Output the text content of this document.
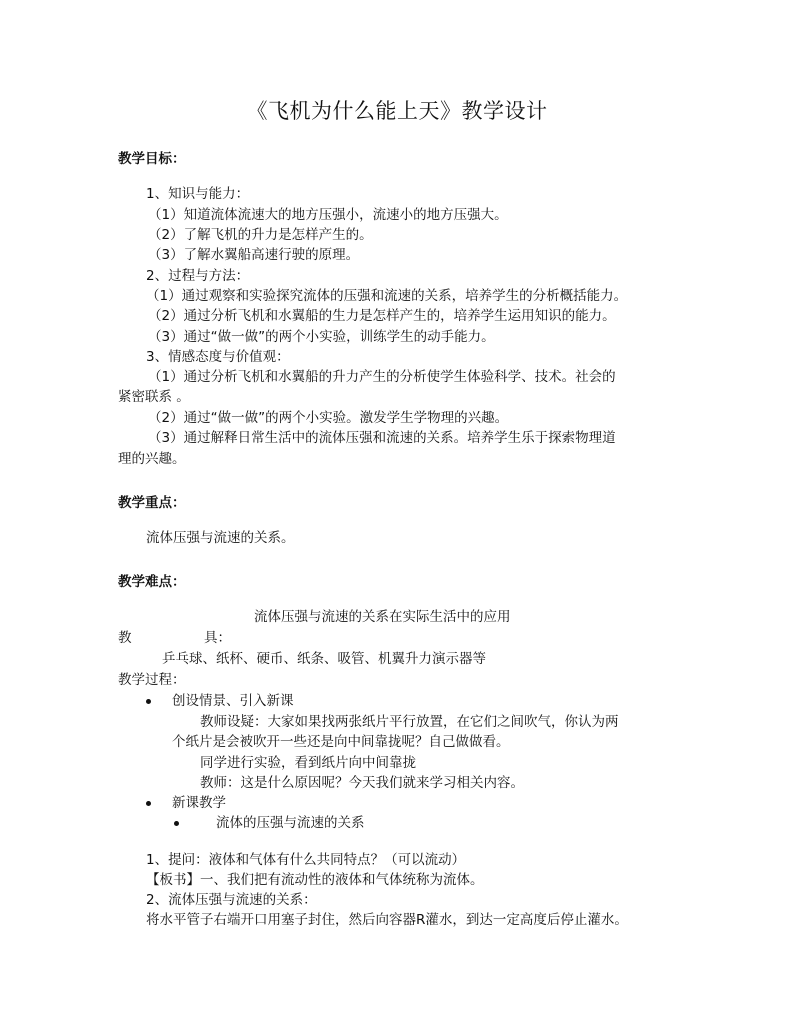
《飞机为什么能上天》教学设计
教学目标：
1、知识与能力：
（1）知道流体流速大的地方压强小，流速小的地方压强大。
（2）了解飞机的升力是怎样产生的。
（3）了解水翼船高速行驶的原理。
2、过程与方法：
（1）通过观察和实验探究流体的压强和流速的关系，培养学生的分析概括能力。
（2）通过分析飞机和水翼船的生力是怎样产生的，培养学生运用知识的能力。
（3）通过“做一做”的两个小实验，训练学生的动手能力。
3、情感态度与价值观：
（1）通过分析飞机和水翼船的升力产生的分析使学生体验科学、技术。社会的
紧密联系 。
（2）通过“做一做”的两个小实验。激发学生学物理的兴趣。
（3）通过解释日常生活中的流体压强和流速的关系。培养学生乐于探索物理道
理的兴趣。
教学重点：
流体压强与流速的关系。
教学难点：
流体压强与流速的关系在实际生活中的应用
教	具：
乒乓球、纸杯、硬币、纸条、吸管、机翼升力演示器等
教学过程：
创设情景、引入新课
教师设疑：大家如果找两张纸片平行放置，在它们之间吹气，你认为两
个纸片是会被吹开一些还是向中间靠拢呢？自己做做看。
同学进行实验，看到纸片向中间靠拢
教师：这是什么原因呢？今天我们就来学习相关内容。
新课教学
流体的压强与流速的关系
1、提问：液体和气体有什么共同特点？（可以流动）
【板书】一、我们把有流动性的液体和气体统称为流体。
2、流体压强与流速的关系：
将水平管子右端开口用塞子封住，然后向容器R灌水，到达一定高度后停止灌水。
